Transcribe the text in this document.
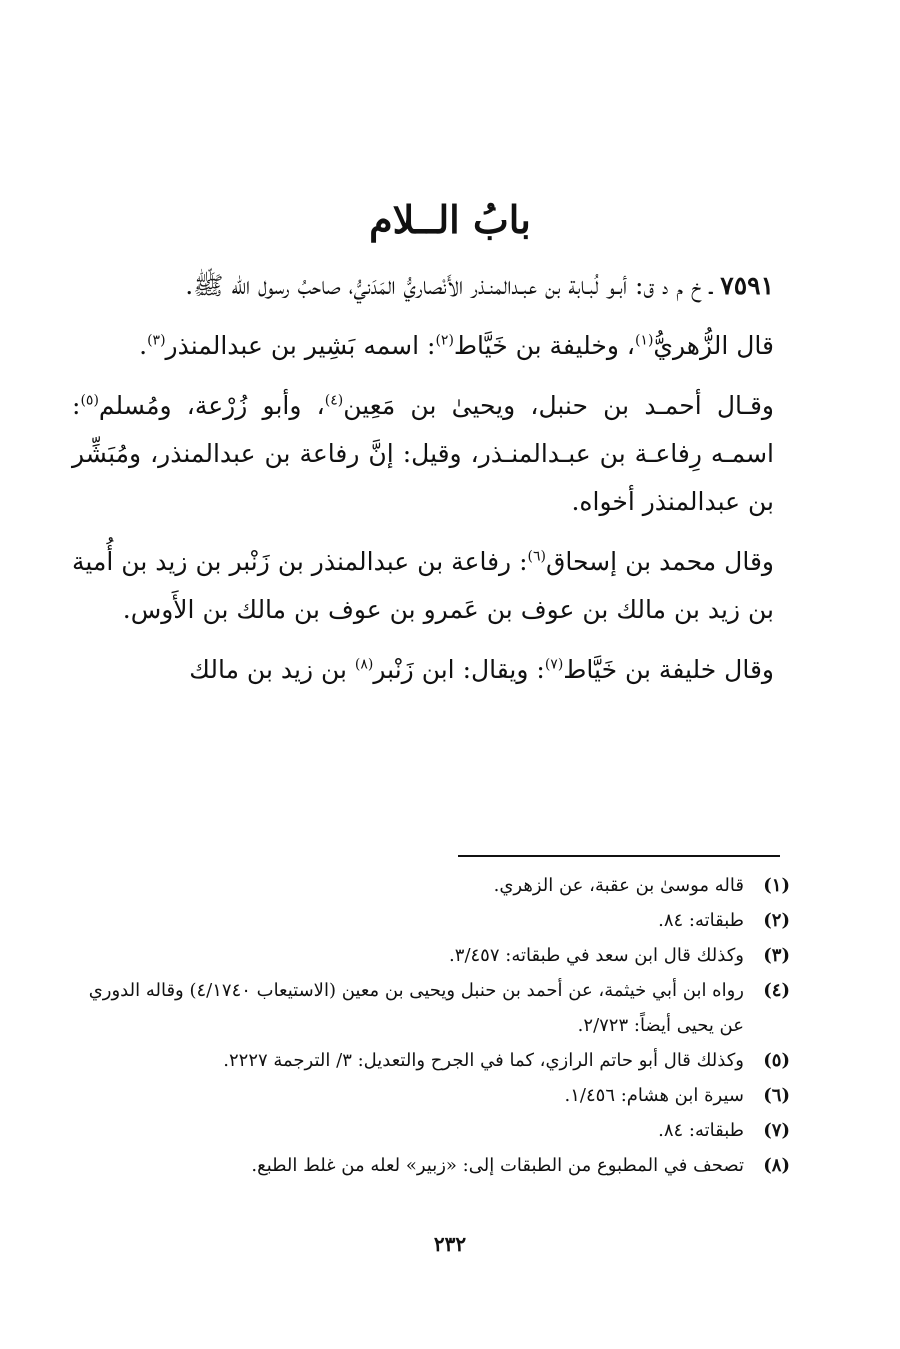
بابُ الــلام

٧٥٩١ ـ خ م د ق: أبـو لُبـابة بن عبـدالمنـذر الأَنْصاريُّ المَدَنيُّ، صاحبُ رسول الله ﷺ.

قال الزُّهريُّ$^{(١)}$، وخليفة بن خَيَّاط$^{(٢)}$: اسمه بَشِير بن عبدالمنذر$^{(٣)}$.

وقـال أحمـد بن حنبل، ويحيىٰ بن مَعِين$^{(٤)}$، وأبو زُرْعة، ومُسلم$^{(٥)}$: اسمـه رِفاعـة بن عبـدالمنـذر، وقيل: إنَّ رفاعة بن عبدالمنذر، ومُبَشِّر بن عبدالمنذر أخواه.

وقال محمد بن إسحاق$^{(٦)}$: رفاعة بن عبدالمنذر بن زَنْبر بن زيد بن أُمية بن زيد بن مالك بن عوف بن عَمرو بن عوف بن مالك بن الأَوس.

وقال خليفة بن خَيَّاط$^{(٧)}$: ويقال: ابن زَنْبر$^{(٨)}$ بن زيد بن مالك

(١)
قاله موسىٰ بن عقبة، عن الزهري.
(٢)
طبقاته: ٨٤.
(٣)
وكذلك قال ابن سعد في طبقاته: ٣/٤٥٧.
(٤)
رواه ابن أبي خيثمة، عن أحمد بن حنبل ويحيى بن معين (الاستيعاب ٤/١٧٤٠) وقاله الدوري عن يحيى أيضاً: ٢/٧٢٣.
(٥)
وكذلك قال أبو حاتم الرازي، كما في الجرح والتعديل: ٣/ الترجمة ٢٢٢٧.
(٦)
سيرة ابن هشام: ١/٤٥٦.
(٧)
طبقاته: ٨٤.
(٨)
تصحف في المطبوع من الطبقات إلى: «زبير» لعله من غلط الطبع.
٢٣٢
